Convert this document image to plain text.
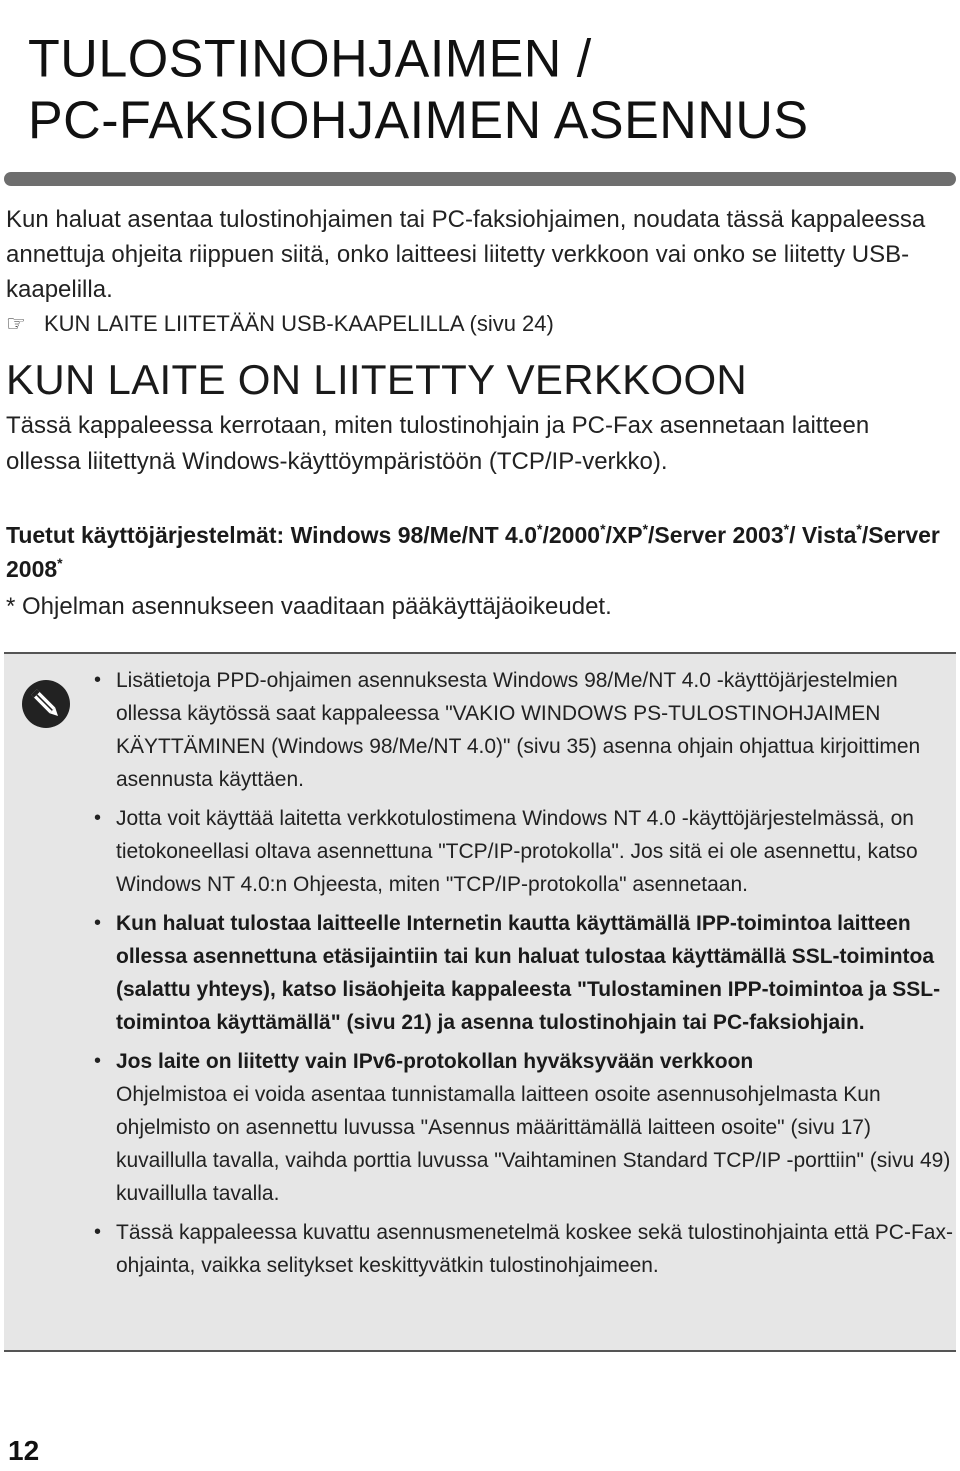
TULOSTINOHJAIMEN /
PC-FAKSIOHJAIMEN ASENNUS

Kun haluat asentaa tulostinohjaimen tai PC-faksiohjaimen, noudata tässä kappaleessa annettuja ohjeita riippuen siitä, onko laitteesi liitetty verkkoon vai onko se liitetty USB-kaapelilla.

☞ KUN LAITE LIITETÄÄN USB-KAAPELILLA (sivu 24)
KUN LAITE ON LIITETTY VERKKOON

Tässä kappaleessa kerrotaan, miten tulostinohjain ja PC-Fax asennetaan laitteen ollessa liitettynä Windows-käyttöympäristöön (TCP/IP-verkko).

Tuetut käyttöjärjestelmät: Windows 98/Me/NT 4.0*/2000*/XP*/Server 2003*/ Vista*/Server 2008*

* Ohjelman asennukseen vaaditaan pääkäyttäjäoikeudet.

• Lisätietoja PPD-ohjaimen asennuksesta Windows 98/Me/NT 4.0 -käyttöjärjestelmien ollessa käytössä saat kappaleessa "VAKIO WINDOWS PS-TULOSTINOHJAIMEN KÄYTTÄMINEN (Windows 98/Me/NT 4.0)" (sivu 35) asenna ohjain ohjattua kirjoittimen asennusta käyttäen.
• Jotta voit käyttää laitetta verkkotulostimena Windows NT 4.0 -käyttöjärjestelmässä, on tietokoneellasi oltava asennettuna "TCP/IP-protokolla". Jos sitä ei ole asennettu, katso Windows NT 4.0:n Ohjeesta, miten "TCP/IP-protokolla" asennetaan.
• Kun haluat tulostaa laitteelle Internetin kautta käyttämällä IPP-toimintoa laitteen ollessa asennettuna etäsijaintiin tai kun haluat tulostaa käyttämällä SSL-toimintoa (salattu yhteys), katso lisäohjeita kappaleesta "Tulostaminen IPP-toimintoa ja SSL-toimintoa käyttämällä" (sivu 21) ja asenna tulostinohjain tai PC-faksiohjain.
• Jos laite on liitetty vain IPv6-protokollan hyväksyvään verkkoon
Ohjelmistoa ei voida asentaa tunnistamalla laitteen osoite asennusohjelmasta Kun ohjelmisto on asennettu luvussa "Asennus määrittämällä laitteen osoite" (sivu 17) kuvaillulla tavalla, vaihda porttia luvussa "Vaihtaminen Standard TCP/IP -porttiin" (sivu 49) kuvaillulla tavalla.
• Tässä kappaleessa kuvattu asennusmenetelmä koskee sekä tulostinohjainta että PC-Fax-ohjainta, vaikka selitykset keskittyvätkin tulostinohjaimeen.
12
